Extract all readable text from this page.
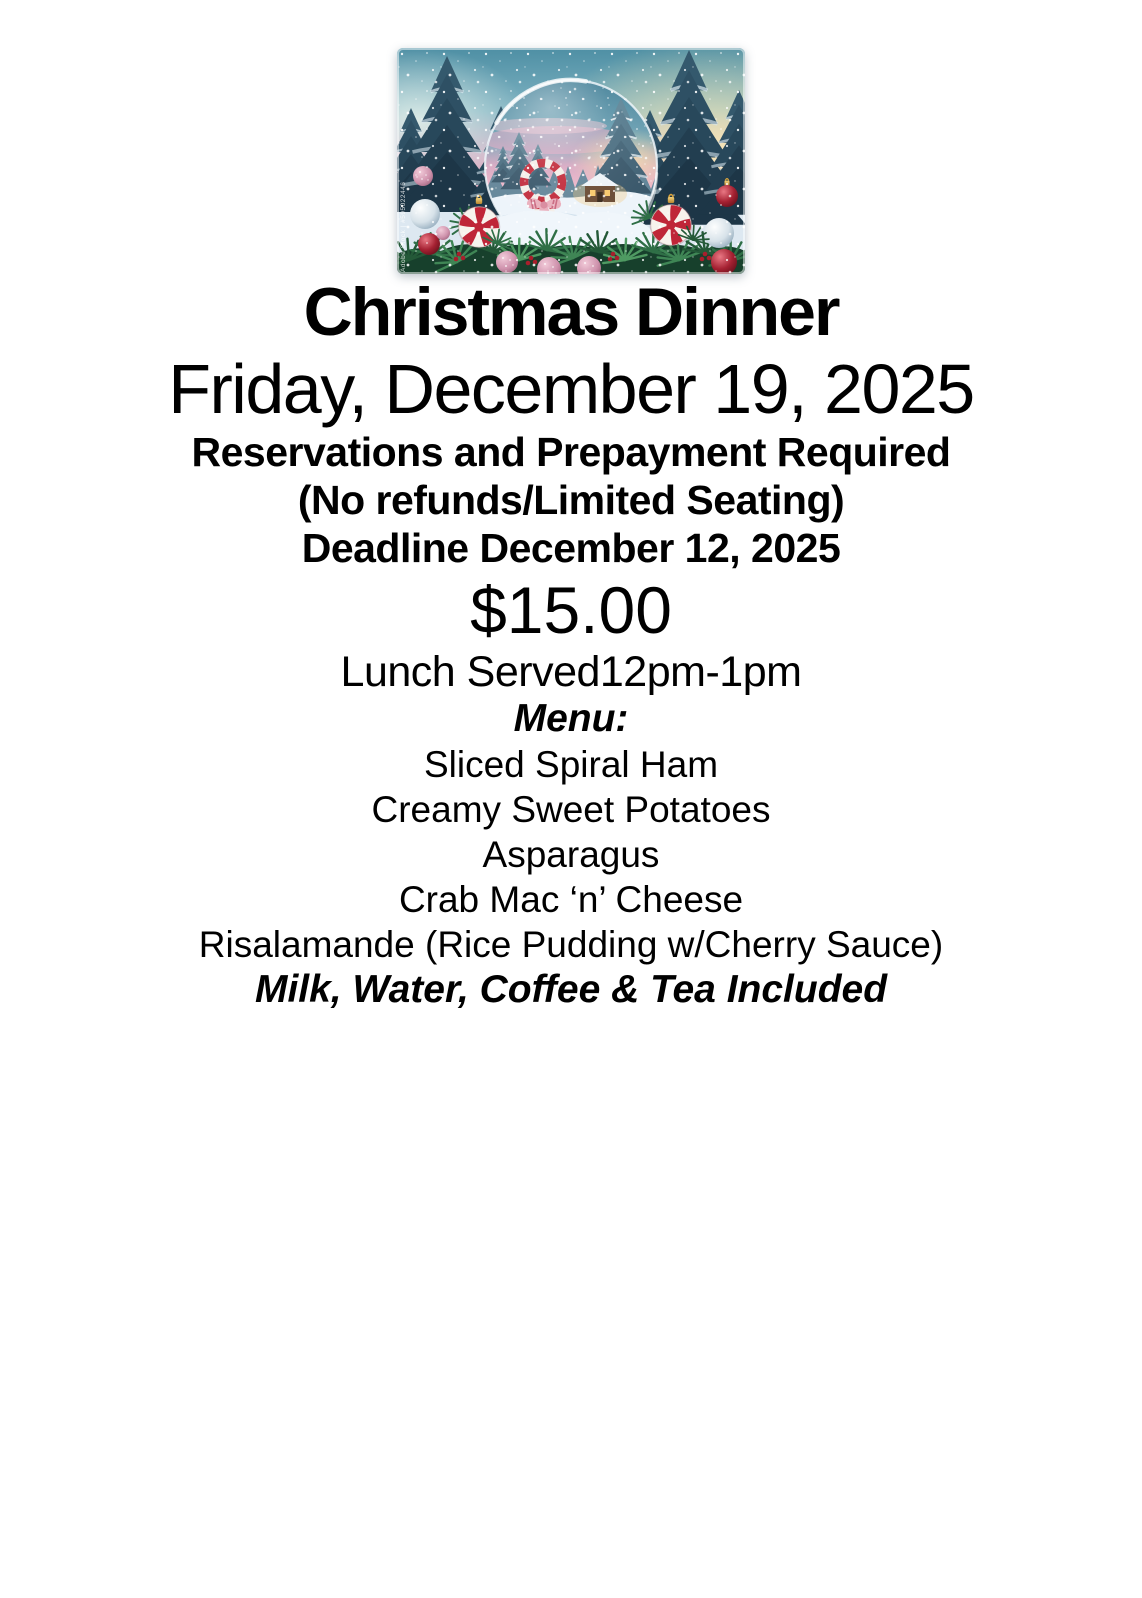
Adobe Stock | #595022446

Christmas Dinner

Friday, December 19, 2025

Reservations and Prepayment Required

(No refunds/Limited Seating)

Deadline December 12, 2025

$15.00

Lunch Served12pm-1pm

Menu:

Sliced Spiral Ham

Creamy Sweet Potatoes

Asparagus

Crab Mac ‘n’ Cheese

Risalamande (Rice Pudding w/Cherry Sauce)

Milk, Water, Coffee & Tea Included
